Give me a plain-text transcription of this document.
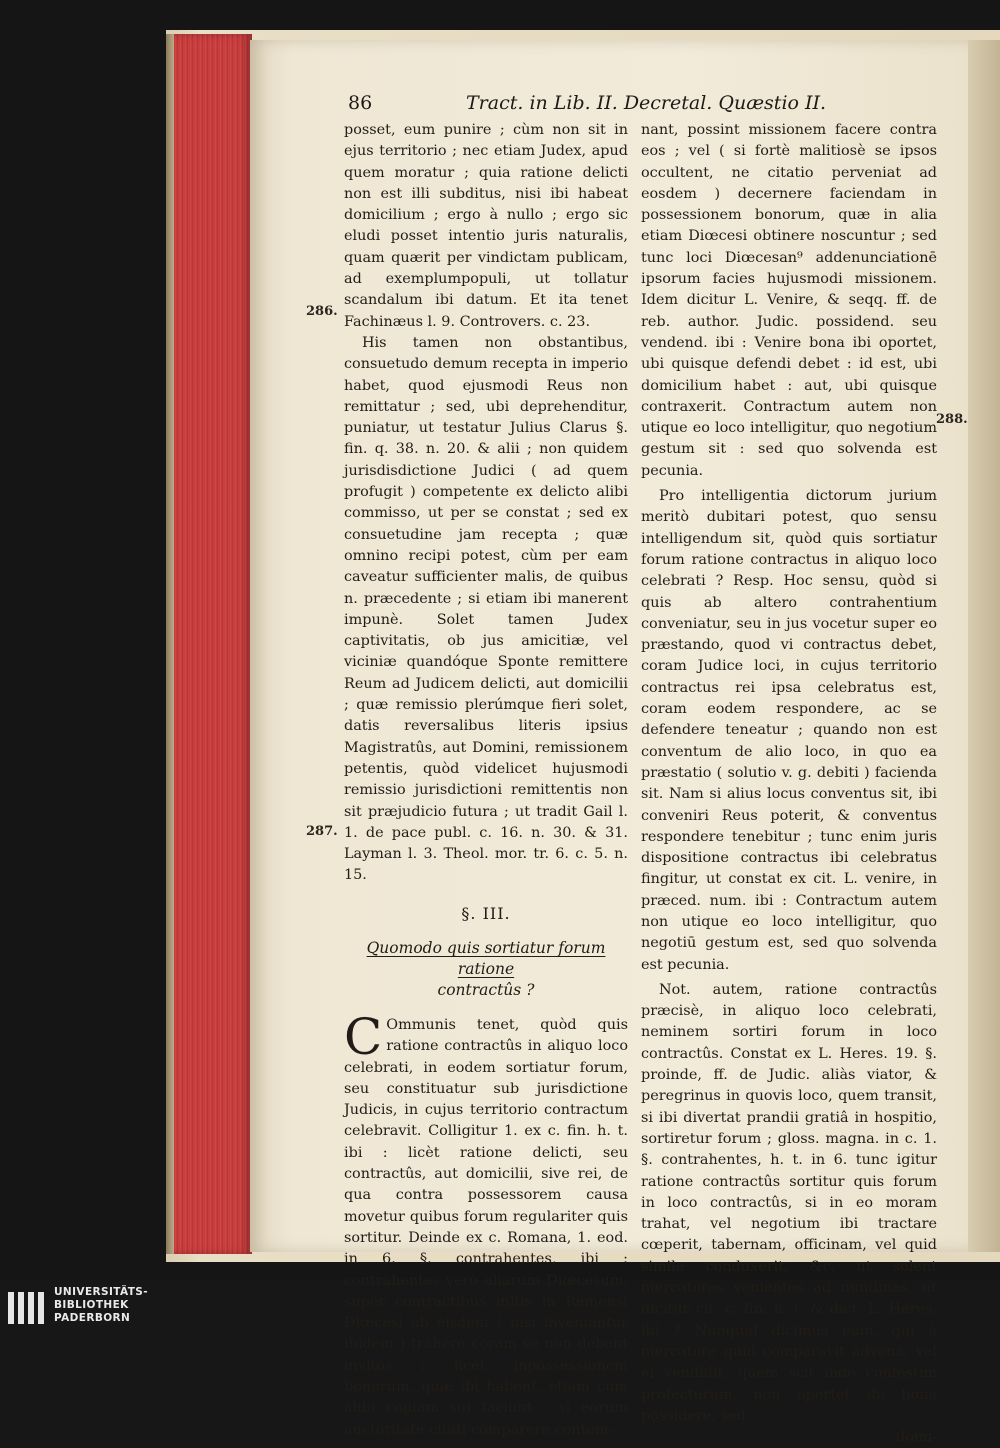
86	Tract. in Lib. II. Decretal. Quæstio II.
286.
287.
288.

posset, eum punire ; cùm non sit in ejus territorio ; nec etiam Judex, apud quem moratur ; quia ratione delicti non est illi subditus, nisi ibi habeat domicilium ; ergo à nullo ; ergo sic eludi posset intentio juris naturalis, quam quærit per vindictam publicam, ad exemplumpopuli, ut tollatur scandalum ibi datum. Et ita tenet Fachinæus l. 9. Controvers. c. 23.

His tamen non obstantibus, consuetudo demum recepta in imperio habet, quod ejusmodi Reus non remittatur ; sed, ubi deprehenditur, puniatur, ut testatur Julius Clarus §. fin. q. 38. n. 20. & alii ; non quidem jurisdisdictione Judici ( ad quem profugit ) competente ex delicto alibi commisso, ut per se constat ; sed ex consuetudine jam recepta ; quæ omnino recipi potest, cùm per eam caveatur sufficienter malis, de quibus n. præcedente ; si etiam ibi manerent impunè. Solet tamen Judex captivitatis, ob jus amicitiæ, vel viciniæ quandóque Sponte remittere Reum ad Judicem delicti, aut domicilii ; quæ remissio plerúmque fieri solet, datis reversalibus literis ipsius Magistratûs, aut Domini, remissionem petentis, quòd videlicet hujusmodi remissio jurisdictioni remittentis non sit præjudicio futura ; ut tradit Gail l. 1. de pace publ. c. 16. n. 30. & 31. Layman l. 3. Theol. mor. tr. 6. c. 5. n. 15.

§. III.

Quomodo quis sortiatur forum ratione
contractûs ?

C Ommunis tenet, quòd quis ratione contractûs in aliquo loco celebrati, in eodem sortiatur forum, seu constituatur sub jurisdictione Judicis, in cujus territorio contractum celebravit. Colligitur 1. ex c. fin. h. t. ibi : licèt ratione delicti, seu contractûs, aut domicilii, sive rei, de qua contra possessorem causa movetur quibus forum regulariter quis sortitur. Deinde ex c. Romana, 1. eod. in 6. §. contrahentes, ibi : contrahentes verò aliarum Diœcesum, super contractibus initis in Remensi Diœcesi ab eisdem ( nisi inveniantur ibidem ) trahere coram se non debent invitos : licèt inpossessionem bonorum, quæ ibi habent, etiam cùm alibi copiam sui faciunt : si eorum auctoritate citati comparere contem-

nant, possint missionem facere contra eos ; vel ( si fortè malitiosè se ipsos occultent, ne citatio perveniat ad eosdem ) decernere faciendam in possessionem bonorum, quæ in alia etiam Diœcesi obtinere noscuntur ; sed tunc loci Diœcesan⁹ addenunciationē ipsorum facies hujusmodi missionem. Idem dicitur L. Venire, & seqq. ff. de reb. author. Judic. possidend. seu vendend. ibi : Venire bona ibi oportet, ubi quisque defendi debet : id est, ubi domicilium habet : aut, ubi quisque contraxerit. Contractum autem non utique eo loco intelligitur, quo negotium gestum sit : sed quo solvenda est pecunia.

Pro intelligentia dictorum jurium meritò dubitari potest, quo sensu intelligendum sit, quòd quis sortiatur forum ratione contractus in aliquo loco celebrati ? Resp. Hoc sensu, quòd si quis ab altero contrahentium conveniatur, seu in jus vocetur super eo præstando, quod vi contractus debet, coram Judice loci, in cujus territorio contractus rei ipsa celebratus est, coram eodem respondere, ac se defendere teneatur ; quando non est conventum de alio loco, in quo ea præstatio ( solutio v. g. debiti ) facienda sit. Nam si alius locus conventus sit, ibi conveniri Reus poterit, & conventus respondere tenebitur ; tunc enim juris dispositione contractus ibi celebratus fingitur, ut constat ex cit. L. venire, in præced. num. ibi : Contractum autem non utique eo loco intelligitur, quo negotiū gestum est, sed quo solvenda est pecunia.

Not. autem, ratione contractûs præcisè, in aliquo loco celebrati, neminem sortiri forum in loco contractûs. Constat ex L. Heres. 19. §. proinde, ff. de Judic. aliàs viator, & peregrinus in quovis loco, quem transit, si ibi divertat prandii gratiâ in hospitio, sortiretur forum ; gloss. magna. in c. 1. §. contrahentes, h. t. in 6. tunc igitur ratione contractûs sortitur quis forum in loco contractûs, si in eo moram trahat, vel negotium ibi tractare cœperit, tabernam, officinam, vel quid simile conduxerit, &c. ut solent mercatores venientes ad nundinas, ut dicitur cit. c. fin. h. t. & dict. L. Heres, ibi ? Nunquid dicimus eum, qui à mercatore quid comparavit advena, vel ei vendidit, quem scit inde confestim profecturum, non oportet ibi bona possidere, sed

domi-

UNIVERSITÄTS-
BIBLIOTHEK
PADERBORN
